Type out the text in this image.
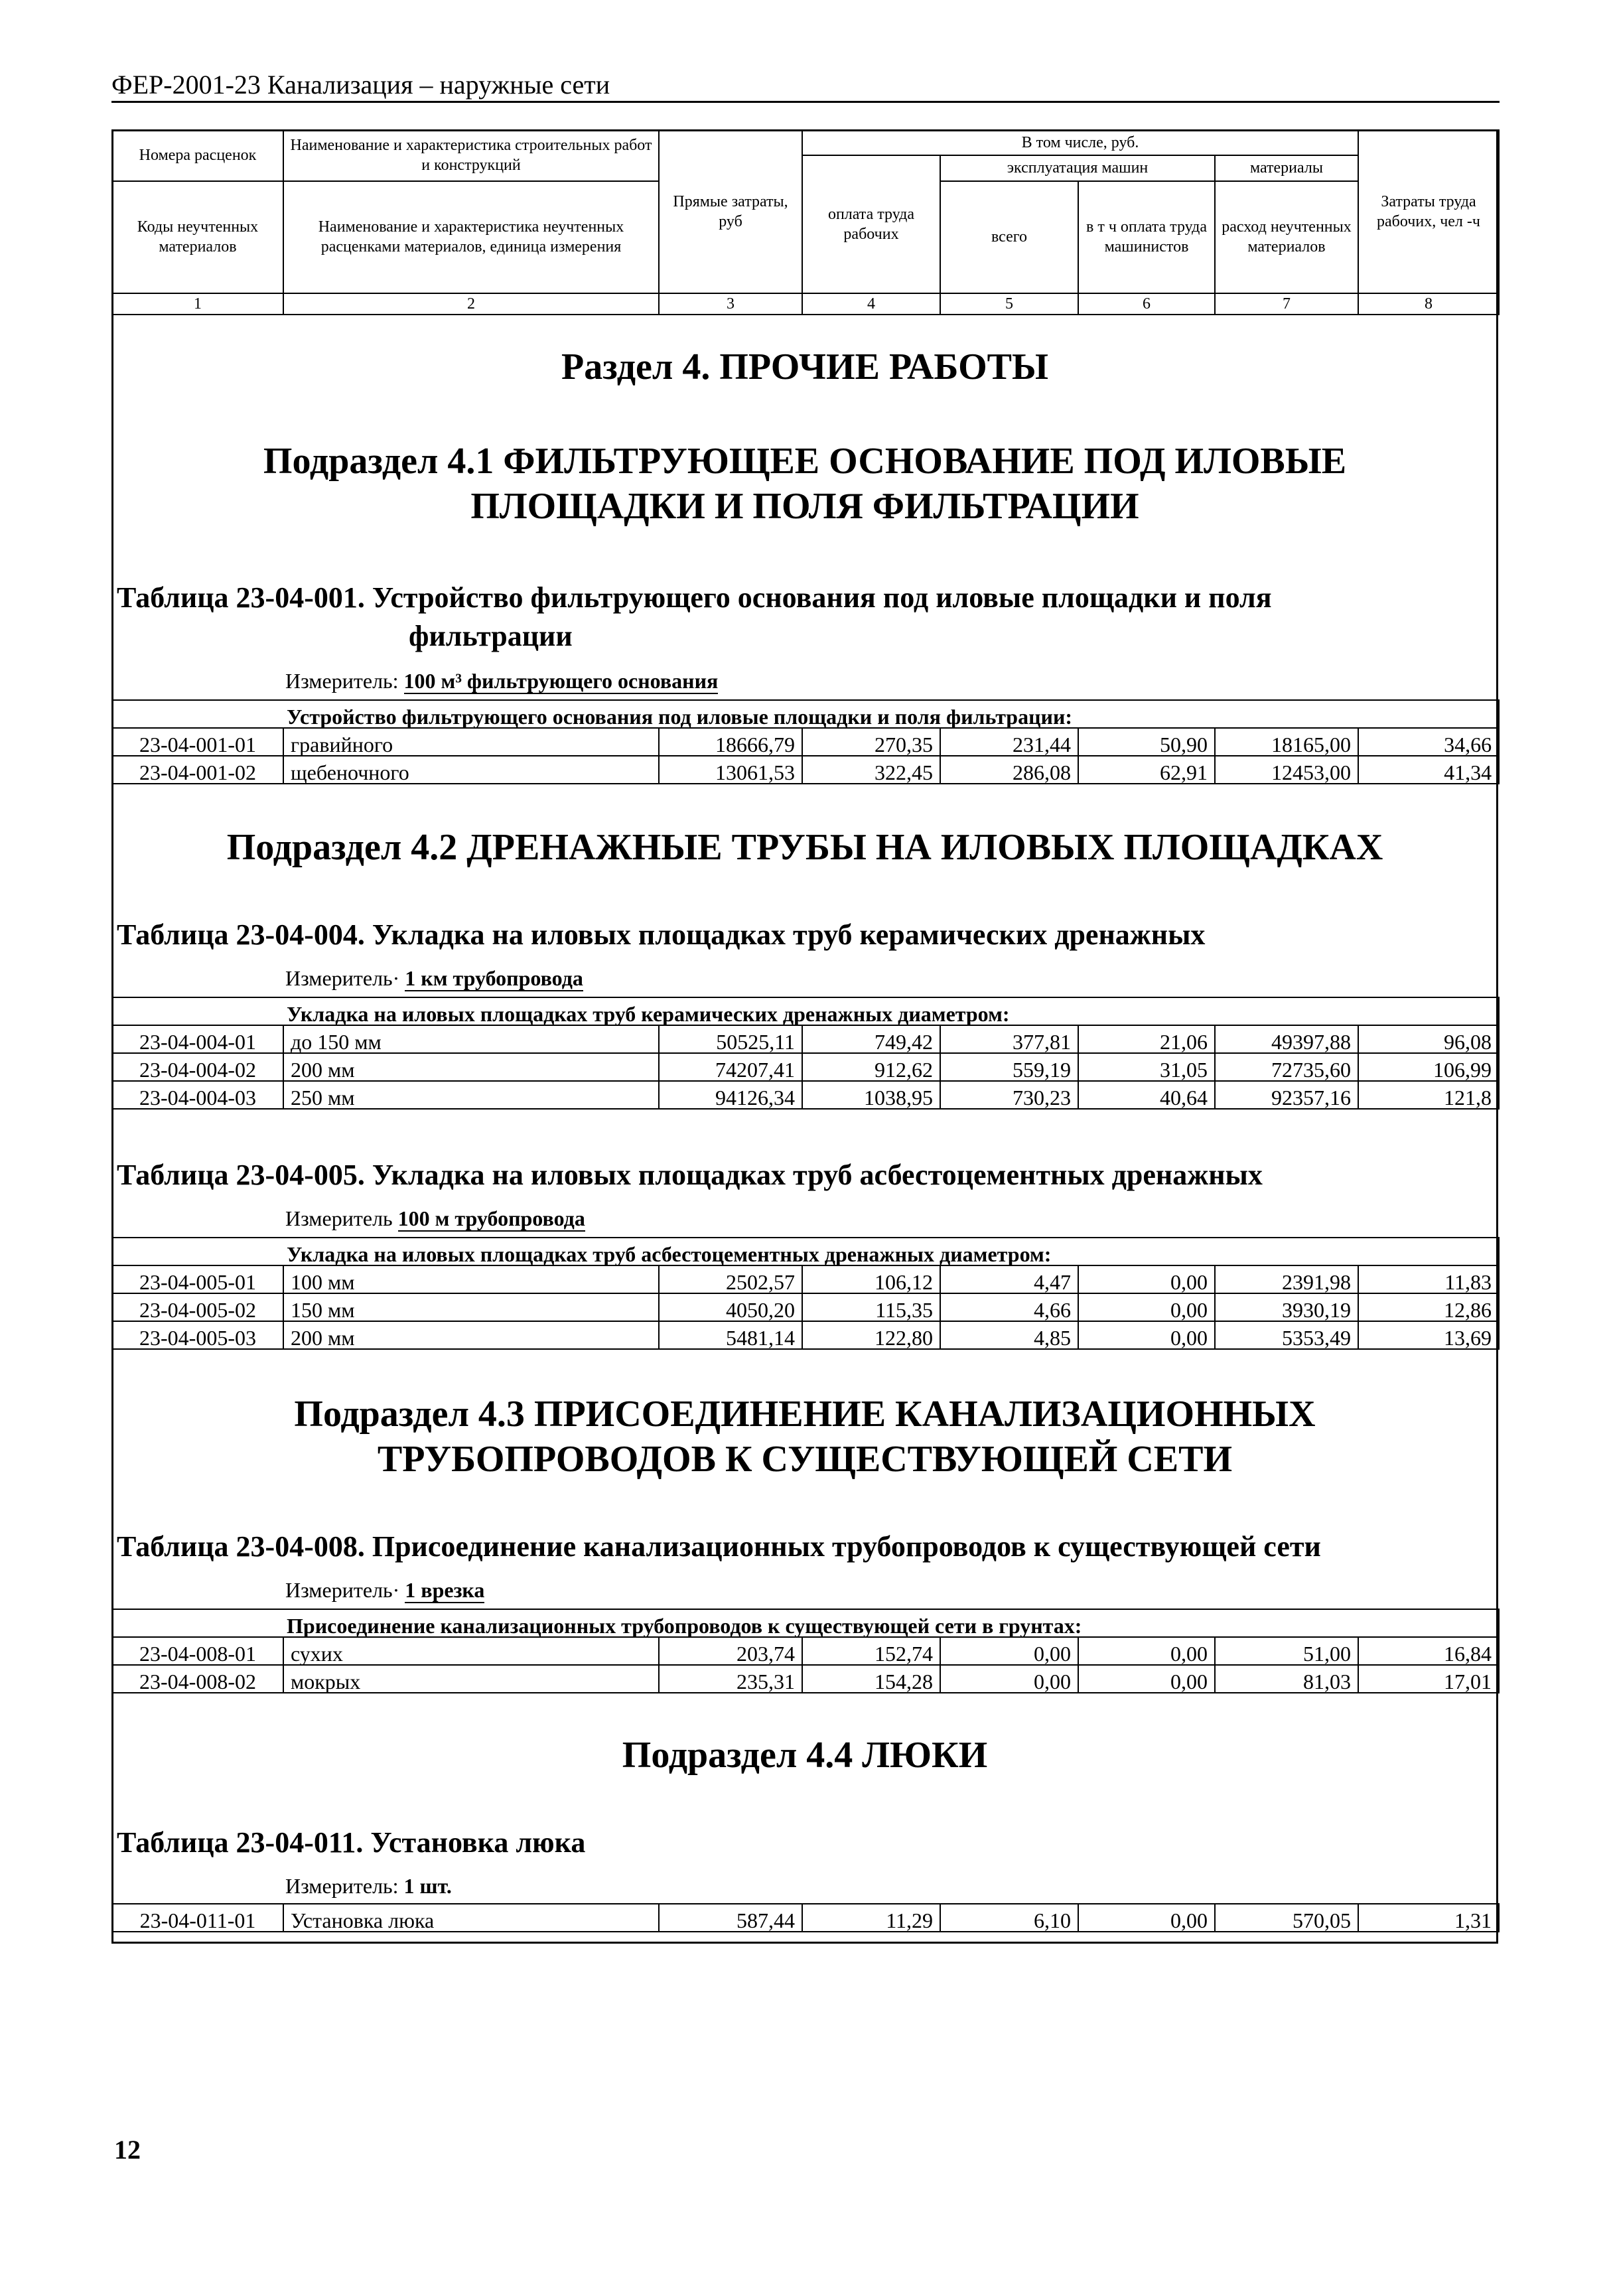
ФЕР-2001-23 Канализация – наружные сети
Номера расценок	Наименование и характеристика строительных работ и конструкций	Прямые затраты, руб	В том числе, руб.				Затраты труда рабочих, чел -ч
			оплата труда рабочих	эксплуатация машин		материалы	
Коды неучтенных материалов	Наименование и характеристика неучтенных расценками материалов, единица измерения			всего	в т ч оплата труда машинистов	расход неучтенных материалов	

1	2	3	4	5	6	7	8
Раздел 4. ПРОЧИЕ РАБОТЫ
Подраздел 4.1 ФИЛЬТРУЮЩЕЕ ОСНОВАНИЕ ПОД ИЛОВЫЕ
ПЛОЩАДКИ И ПОЛЯ ФИЛЬТРАЦИИ
Таблица 23-04-001. Устройство фильтрующего основания под иловые площадки и поля
фильтрации
Измеритель: 100 м³ фильтрующего основания
Устройство фильтрующего основания под иловые площадки и поля фильтрации:							
23-04-001-01	гравийного	18666,79	270,35	231,44	50,90	18165,00	34,66
23-04-001-02	щебеночного	13061,53	322,45	286,08	62,91	12453,00	41,34
Подраздел 4.2 ДРЕНАЖНЫЕ ТРУБЫ НА ИЛОВЫХ ПЛОЩАДКАХ
Таблица 23-04-004. Укладка на иловых площадках труб керамических дренажных
Измеритель· 1 км трубопровода
Укладка на иловых площадках труб керамических дренажных диаметром:							
23-04-004-01	до 150 мм	50525,11	749,42	377,81	21,06	49397,88	96,08
23-04-004-02	200 мм	74207,41	912,62	559,19	31,05	72735,60	106,99
23-04-004-03	250 мм	94126,34	1038,95	730,23	40,64	92357,16	121,8
Таблица 23-04-005. Укладка на иловых площадках труб асбестоцементных дренажных
Измеритель 100 м трубопровода
Укладка на иловых площадках труб асбестоцементных дренажных диаметром:							
23-04-005-01	100 мм	2502,57	106,12	4,47	0,00	2391,98	11,83
23-04-005-02	150 мм	4050,20	115,35	4,66	0,00	3930,19	12,86
23-04-005-03	200 мм	5481,14	122,80	4,85	0,00	5353,49	13,69
Подраздел 4.3 ПРИСОЕДИНЕНИЕ КАНАЛИЗАЦИОННЫХ
ТРУБОПРОВОДОВ К СУЩЕСТВУЮЩЕЙ СЕТИ
Таблица 23-04-008. Присоединение канализационных трубопроводов к существующей сети
Измеритель· 1 врезка
Присоединение канализационных трубопроводов к существующей сети в грунтах:							
23-04-008-01	сухих	203,74	152,74	0,00	0,00	51,00	16,84
23-04-008-02	мокрых	235,31	154,28	0,00	0,00	81,03	17,01
Подраздел 4.4 ЛЮКИ
Таблица 23-04-011. Установка люка
Измеритель: 1 шт.
23-04-011-01	Установка люка	587,44	11,29	6,10	0,00	570,05	1,31
12
